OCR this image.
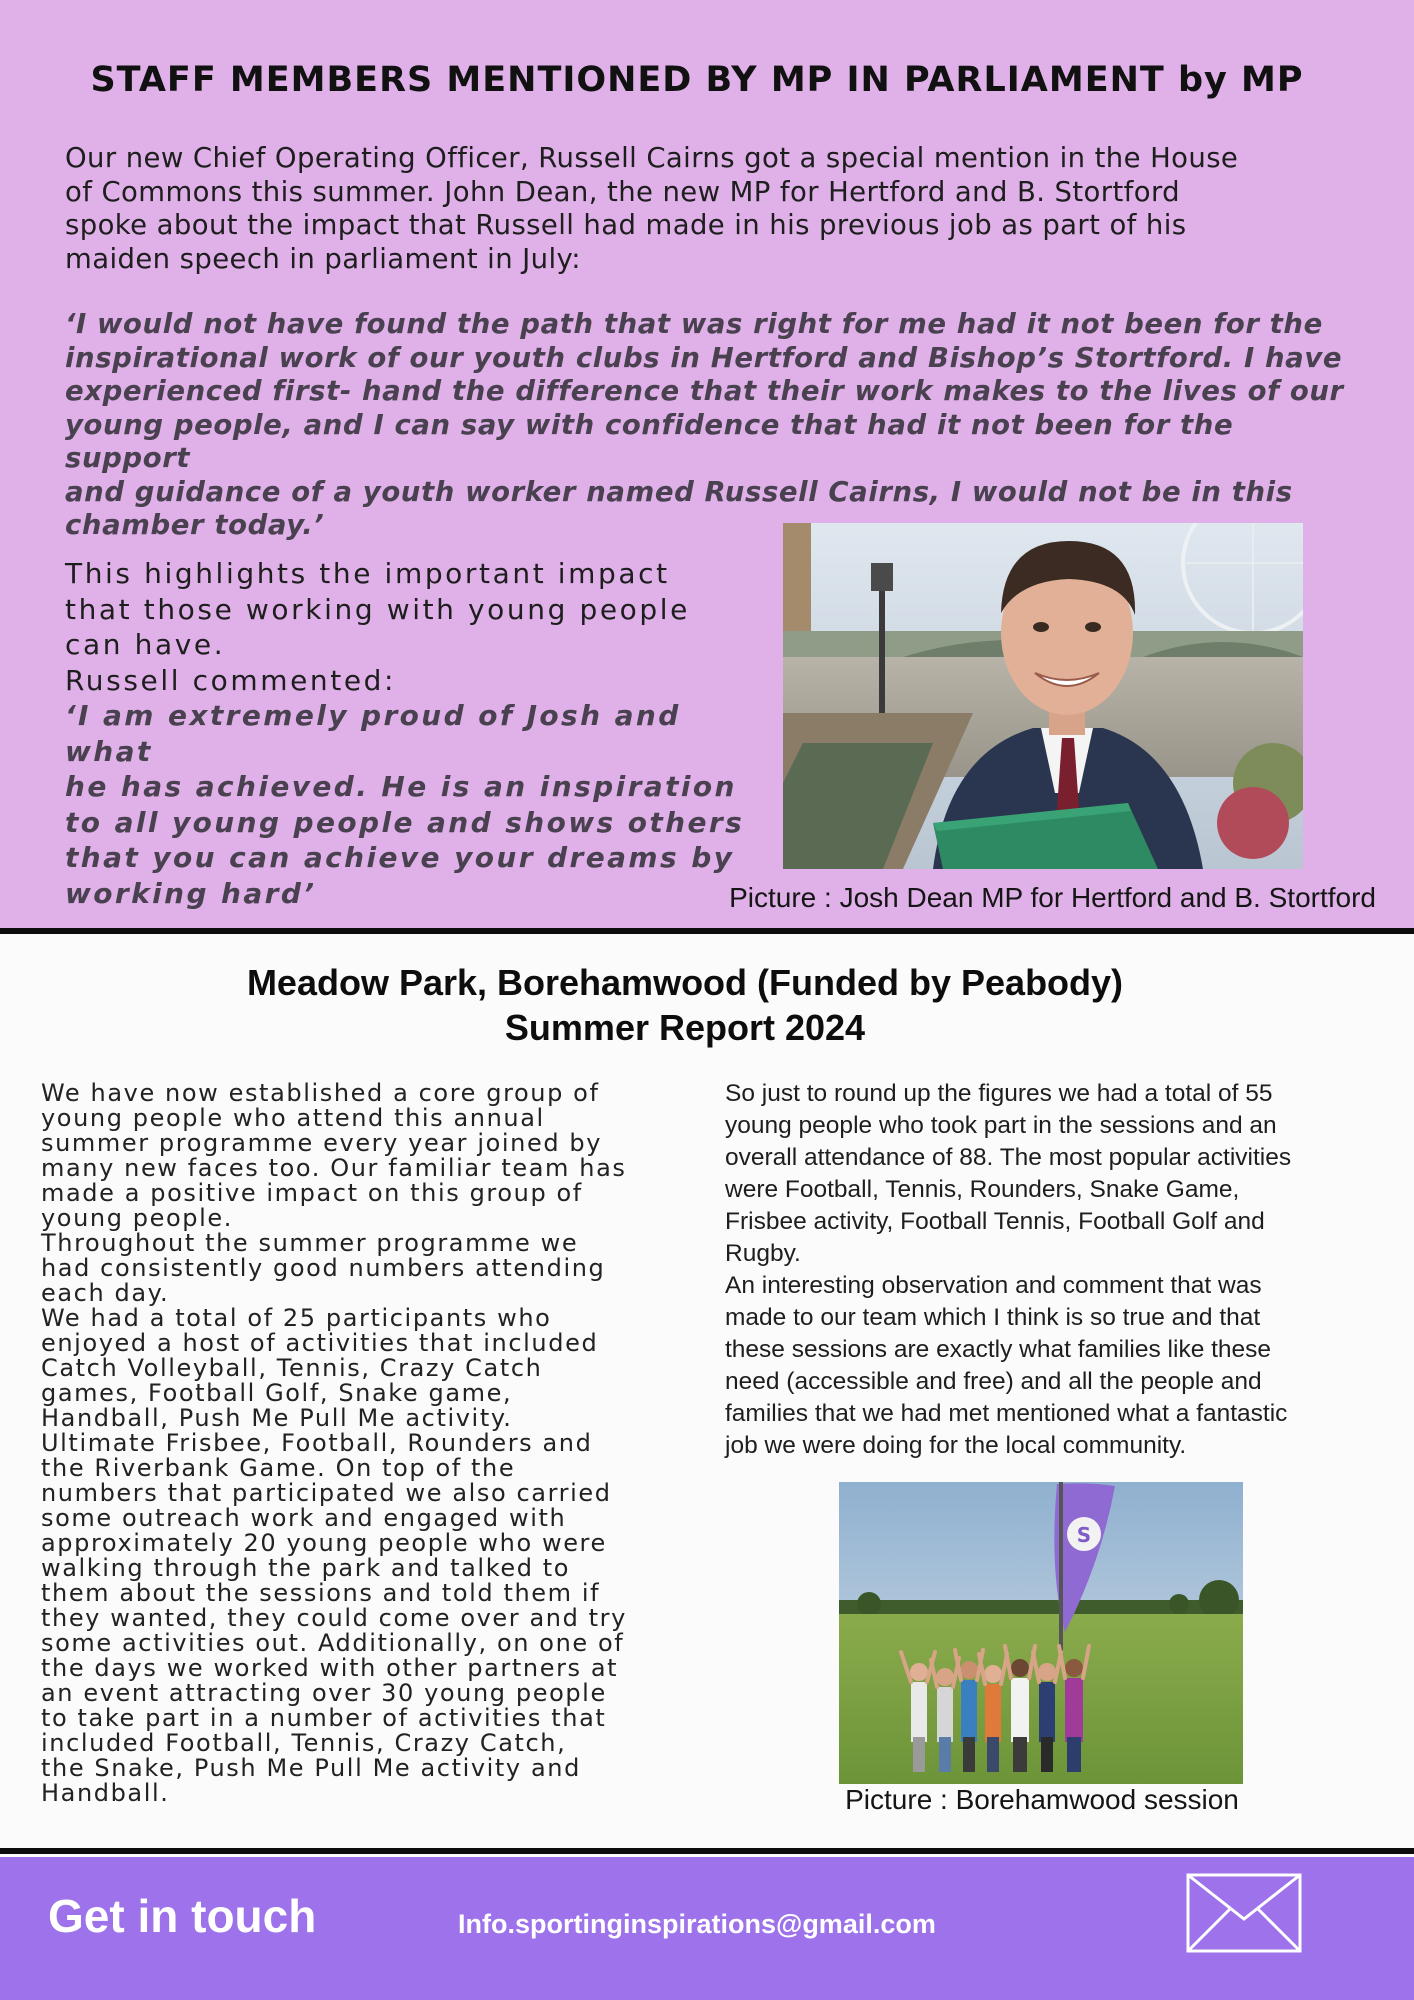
STAFF MEMBERS MENTIONED BY MP IN PARLIAMENT by MP
Our new Chief Operating Officer, Russell Cairns got a special mention in the House
of Commons this summer. John Dean, the new MP for Hertford and B. Stortford
spoke about the impact that Russell had made in his previous job as part of his
maiden speech in parliament in July:
‘I would not have found the path that was right for me had it not been for the
inspirational work of our youth clubs in Hertford and Bishop’s Stortford. I have
experienced first- hand the difference that their work makes to the lives of our
young people, and I can say with confidence that had it not been for the support
and guidance of a youth worker named Russell Cairns, I would not be in this
chamber today.’
This highlights the important impact
that those working with young people
can have.
Russell commented:
‘I am extremely proud of Josh and what
he has achieved. He is an inspiration
to all young people and shows others
that you can achieve your dreams by
working hard’	Picture : Josh Dean MP for Hertford and B. Stortford
Meadow Park, Borehamwood (Funded by Peabody)
Summer Report 2024
We have now established a core group of
young people who attend this annual
summer programme every year joined by
many new faces too. Our familiar team has
made a positive impact on this group of
young people.
Throughout the summer programme we
had consistently good numbers attending
each day.
We had a total of 25 participants who
enjoyed a host of activities that included
Catch Volleyball, Tennis, Crazy Catch
games, Football Golf, Snake game,
Handball, Push Me Pull Me activity.
Ultimate Frisbee, Football, Rounders and
the Riverbank Game. On top of the
numbers that participated we also carried
some outreach work and engaged with
approximately 20 young people who were
walking through the park and talked to
them about the sessions and told them if
they wanted, they could come over and try
some activities out. Additionally, on one of
the days we worked with other partners at
an event attracting over 30 young people
to take part in a number of activities that
included Football, Tennis, Crazy Catch,
the Snake, Push Me Pull Me activity and
Handball.
So just to round up the figures we had a total of 55
young people who took part in the sessions and an
overall attendance of 88. The most popular activities
were Football, Tennis, Rounders, Snake Game,
Frisbee activity, Football Tennis, Football Golf and
Rugby.
An interesting observation and comment that was
made to our team which I think is so true and that
these sessions are exactly what families like these
need (accessible and free) and all the people and
families that we had met mentioned what a fantastic
job we were doing for the local community.
S
Picture : Borehamwood session
Get in touch	Info.sportinginspirations@gmail.com
